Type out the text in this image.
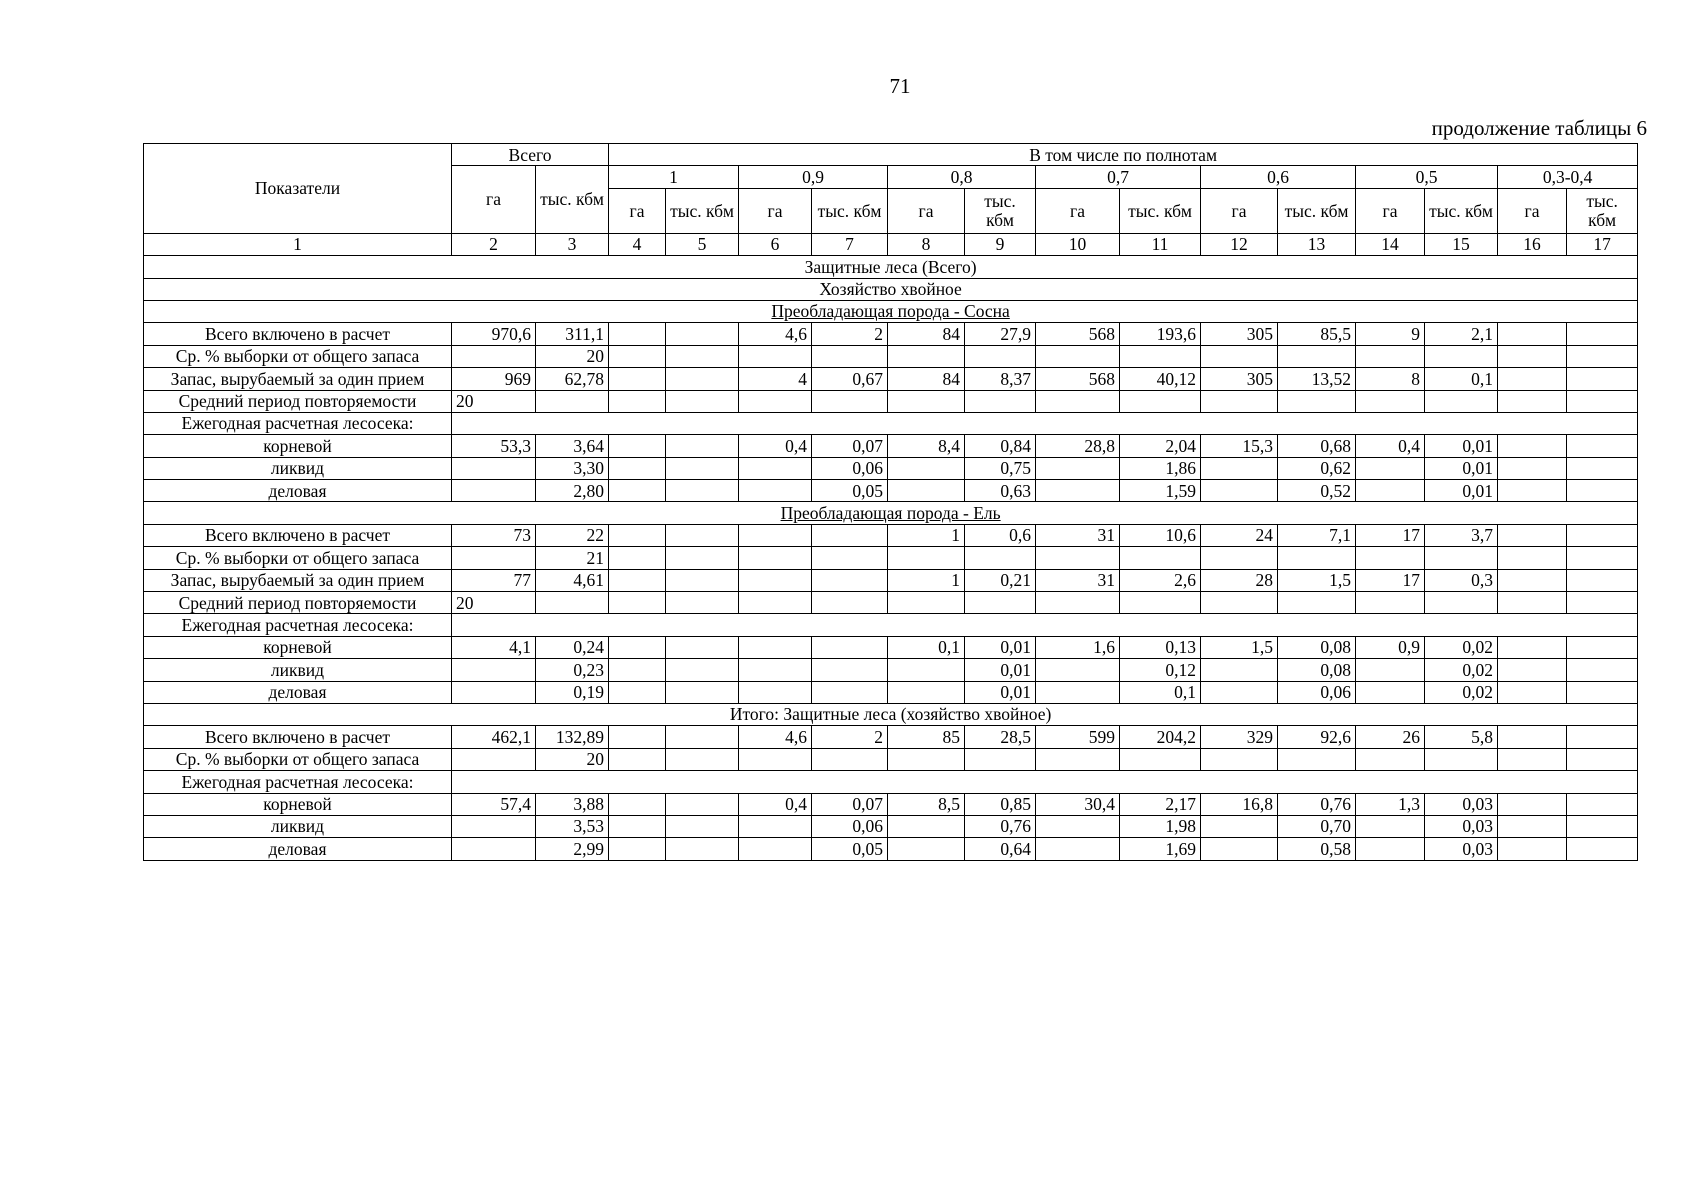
71
продолжение таблицы 6
Показатели	Всего		В том числе по полнотам													
	га	тыс. кбм	1		0,9		0,8		0,7		0,6		0,5		0,3-0,4	
			га	тыс. кбм	га	тыс. кбм	га	тыс. кбм	га	тыс. кбм	га	тыс. кбм	га	тыс. кбм	га	тыс. кбм
1	2	3	4	5	6	7	8	9	10	11	12	13	14	15	16	17
Защитные леса (Всего)																
Хозяйство хвойное																
Преобладающая порода - Сосна																
Всего включено в расчет	970,6	311,1			4,6	2	84	27,9	568	193,6	305	85,5	9	2,1		
Ср. % выборки от общего запаса		20														
Запас, вырубаемый за один прием	969	62,78			4	0,67	84	8,37	568	40,12	305	13,52	8	0,1		
Средний период повторяемости	20															
Ежегодная расчетная лесосека:																
корневой	53,3	3,64			0,4	0,07	8,4	0,84	28,8	2,04	15,3	0,68	0,4	0,01		
ликвид		3,30				0,06		0,75		1,86		0,62		0,01		
деловая		2,80				0,05		0,63		1,59		0,52		0,01		
Преобладающая порода - Ель																
Всего включено в расчет	73	22					1	0,6	31	10,6	24	7,1	17	3,7		
Ср. % выборки от общего запаса		21														
Запас, вырубаемый за один прием	77	4,61					1	0,21	31	2,6	28	1,5	17	0,3		
Средний период повторяемости	20															
Ежегодная расчетная лесосека:																
корневой	4,1	0,24					0,1	0,01	1,6	0,13	1,5	0,08	0,9	0,02		
ликвид		0,23						0,01		0,12		0,08		0,02		
деловая		0,19						0,01		0,1		0,06		0,02		
Итого: Защитные леса (хозяйство хвойное)																
Всего включено в расчет	462,1	132,89			4,6	2	85	28,5	599	204,2	329	92,6	26	5,8		
Ср. % выборки от общего запаса		20														
Ежегодная расчетная лесосека:																
корневой	57,4	3,88			0,4	0,07	8,5	0,85	30,4	2,17	16,8	0,76	1,3	0,03		
ликвид		3,53				0,06		0,76		1,98		0,70		0,03		
деловая		2,99				0,05		0,64		1,69		0,58		0,03		
